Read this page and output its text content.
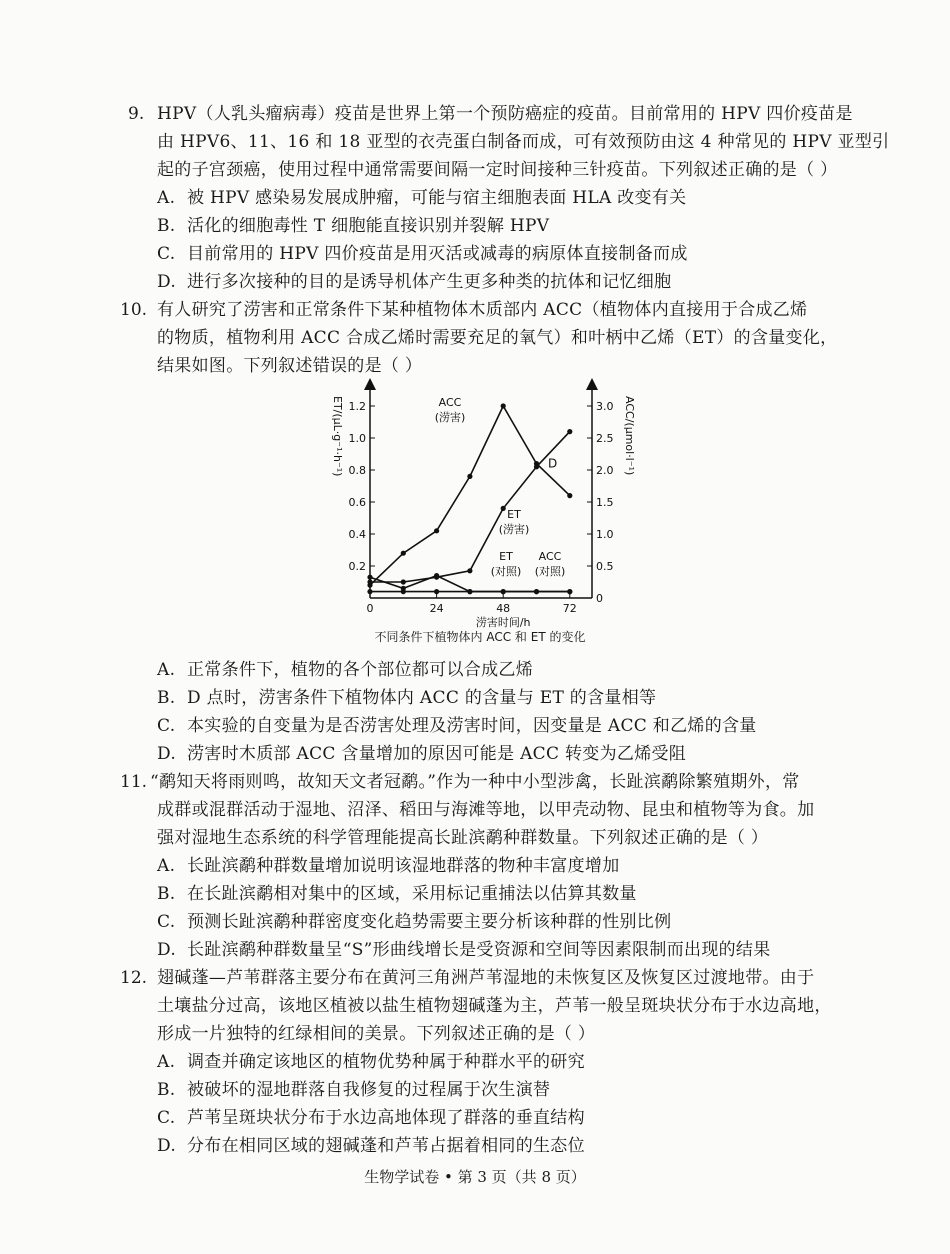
9. HPV（人乳头瘤病毒）疫苗是世界上第一个预防癌症的疫苗。目前常用的 HPV 四价疫苗是
由 HPV6、11、16 和 18 亚型的衣壳蛋白制备而成，可有效预防由这 4 种常见的 HPV 亚型引
起的子宫颈癌，使用过程中通常需要间隔一定时间接种三针疫苗。下列叙述正确的是（ ）
A. 被 HPV 感染易发展成肿瘤，可能与宿主细胞表面 HLA 改变有关
B. 活化的细胞毒性 T 细胞能直接识别并裂解 HPV
C. 目前常用的 HPV 四价疫苗是用灭活或减毒的病原体直接制备而成
D. 进行多次接种的目的是诱导机体产生更多种类的抗体和记忆细胞
10. 有人研究了涝害和正常条件下某种植物体木质部内 ACC（植物体内直接用于合成乙烯
的物质，植物利用 ACC 合成乙烯时需要充足的氧气）和叶柄中乙烯（ET）的含量变化，
结果如图。下列叙述错误的是（ ）
0.2
0.4
0.6
0.8
1.0
1.2
0
0.5
1.0
1.5
2.0
2.5
3.0
0	24	48	72
涝害时间/h
ET/(μL·g⁻¹·h⁻¹)	ACC/(μmol·l⁻¹)
ACC
(涝害)
ET
(涝害)
ET
(对照)
ACC
(对照)
D
不同条件下植物体内 ACC 和 ET 的变化
A. 正常条件下，植物的各个部位都可以合成乙烯
B. D 点时，涝害条件下植物体内 ACC 的含量与 ET 的含量相等
C. 本实验的自变量为是否涝害处理及涝害时间，因变量是 ACC 和乙烯的含量
D. 涝害时木质部 ACC 含量增加的原因可能是 ACC 转变为乙烯受阻
11. “鹬知天将雨则鸣，故知天文者冠鹬。”作为一种中小型涉禽，长趾滨鹬除繁殖期外，常
成群或混群活动于湿地、沼泽、稻田与海滩等地，以甲壳动物、昆虫和植物等为食。加
强对湿地生态系统的科学管理能提高长趾滨鹬种群数量。下列叙述正确的是（ ）
A. 长趾滨鹬种群数量增加说明该湿地群落的物种丰富度增加
B. 在长趾滨鹬相对集中的区域，采用标记重捕法以估算其数量
C. 预测长趾滨鹬种群密度变化趋势需要主要分析该种群的性别比例
D. 长趾滨鹬种群数量呈“S”形曲线增长是受资源和空间等因素限制而出现的结果
12. 翅碱蓬—芦苇群落主要分布在黄河三角洲芦苇湿地的未恢复区及恢复区过渡地带。由于
土壤盐分过高，该地区植被以盐生植物翅碱蓬为主，芦苇一般呈斑块状分布于水边高地，
形成一片独特的红绿相间的美景。下列叙述正确的是（ ）
A. 调查并确定该地区的植物优势种属于种群水平的研究
B. 被破坏的湿地群落自我修复的过程属于次生演替
C. 芦苇呈斑块状分布于水边高地体现了群落的垂直结构
D. 分布在相同区域的翅碱蓬和芦苇占据着相同的生态位
生物学试卷 • 第 3 页（共 8 页）
